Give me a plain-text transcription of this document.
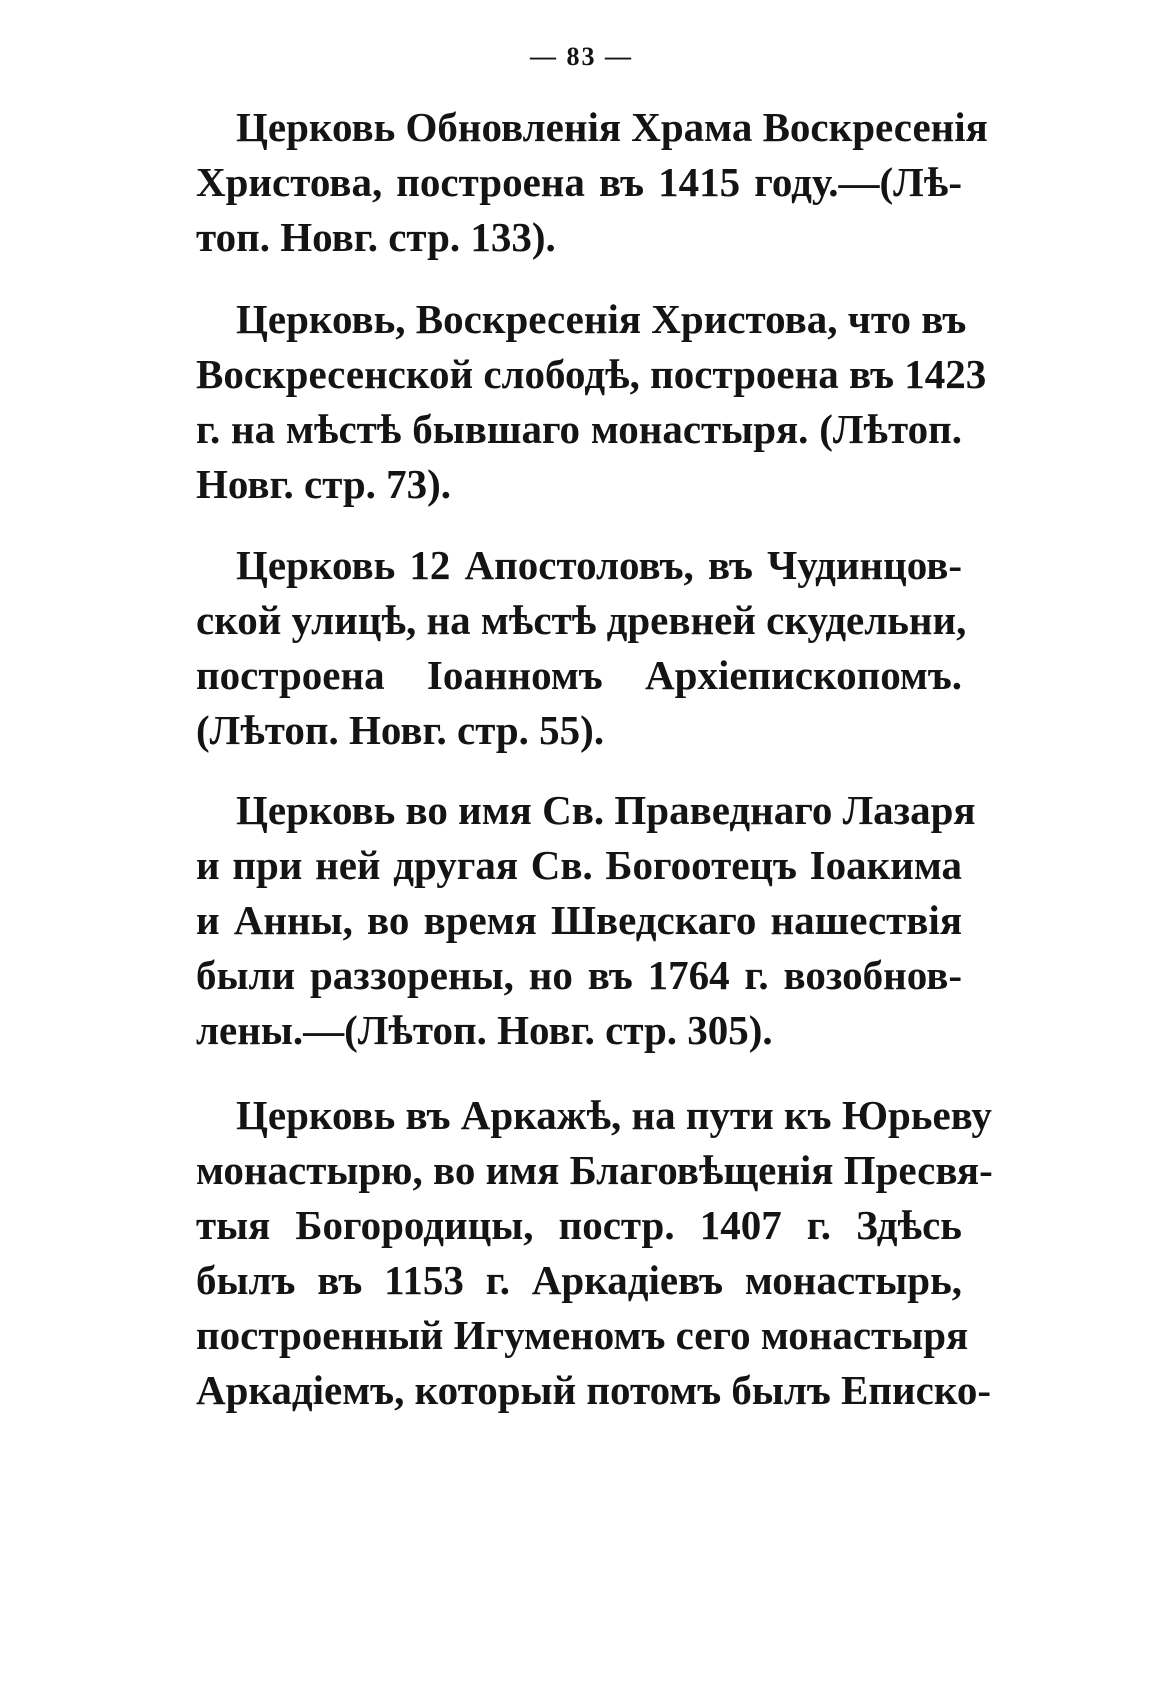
— 83 —
Церковь Обновленія Храма Воскресенія
Христова, построена въ 1415 году.—(Лѣ-
топ. Новг. стр. 133).
Церковь, Воскресенія Христова, что въ
Воскресенской слободѣ, построена въ 1423
г. на мѣстѣ бывшаго монастыря. (Лѣтоп.
Новг. стр. 73).
Церковь 12 Апостоловъ, въ Чудинцов-
ской улицѣ, на мѣстѣ древней скудельни,
построена Іоанномъ Архіепископомъ.
(Лѣтоп. Новг. стр. 55).
Церковь во имя Св. Праведнаго Лазаря
и при ней другая Св. Богоотецъ Іоакима
и Анны, во время Шведскаго нашествія
были раззорены, но въ 1764 г. возобнов-
лены.—(Лѣтоп. Новг. стр. 305).
Церковь въ Аркажѣ, на пути къ Юрьеву
монастырю, во имя Благовѣщенія Пресвя-
тыя Богородицы, постр. 1407 г. Здѣсь
былъ въ 1153 г. Аркадіевъ монастырь,
построенный Игуменомъ сего монастыря
Аркадіемъ, который потомъ былъ Еписко-
